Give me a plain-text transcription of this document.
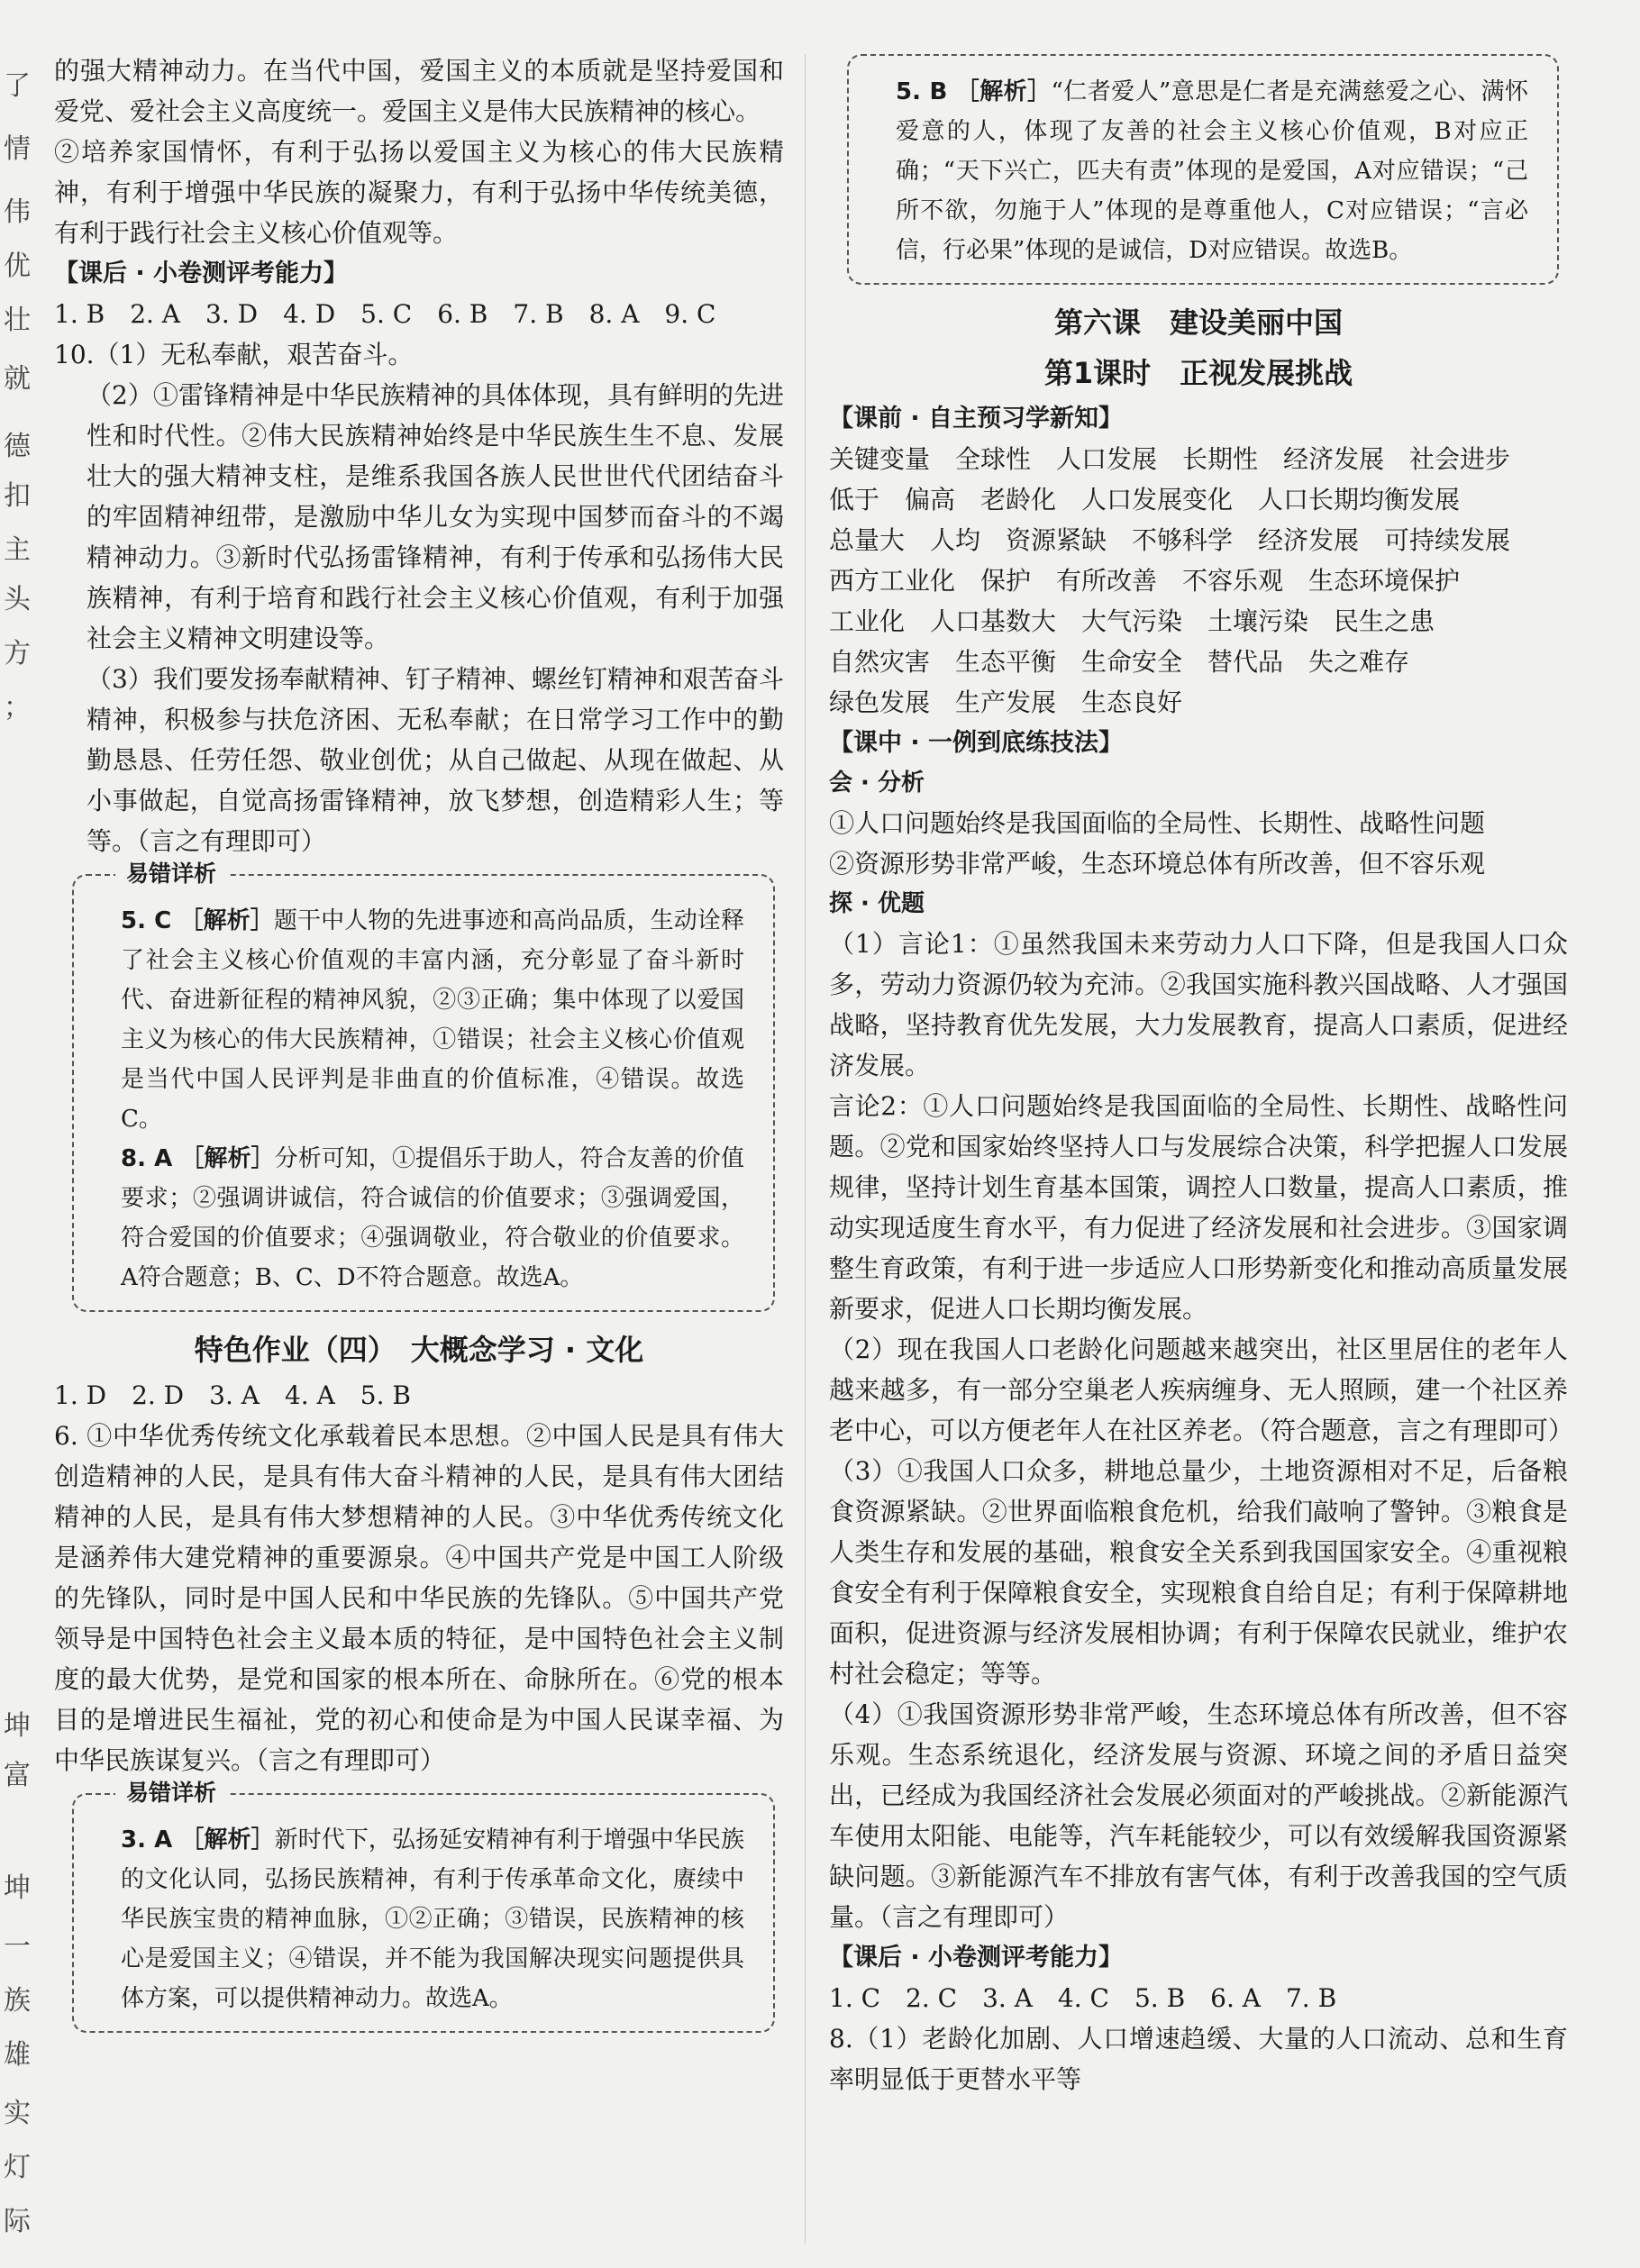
了
情
伟
优
壮
就
德
扣
主
头
方
；
坤
富
坤
一
族
雄
实
灯
际

的强大精神动力。在当代中国，爱国主义的本质就是坚持爱国和爱党、爱社会主义高度统一。爱国主义是伟大民族精神的核心。

②培养家国情怀，有利于弘扬以爱国主义为核心的伟大民族精神，有利于增强中华民族的凝聚力，有利于弘扬中华传统美德，有利于践行社会主义核心价值观等。

【课后 · 小卷测评考能力】

1. B　2. A　3. D　4. D　5. C　6. B　7. B　8. A　9. C

10.（1）无私奉献，艰苦奋斗。

（2）①雷锋精神是中华民族精神的具体体现，具有鲜明的先进性和时代性。②伟大民族精神始终是中华民族生生不息、发展壮大的强大精神支柱，是维系我国各族人民世世代代团结奋斗的牢固精神纽带，是激励中华儿女为实现中国梦而奋斗的不竭精神动力。③新时代弘扬雷锋精神，有利于传承和弘扬伟大民族精神，有利于培育和践行社会主义核心价值观，有利于加强社会主义精神文明建设等。

（3）我们要发扬奉献精神、钉子精神、螺丝钉精神和艰苦奋斗精神，积极参与扶危济困、无私奉献；在日常学习工作中的勤勤恳恳、任劳任怨、敬业创优；从自己做起、从现在做起、从小事做起，自觉高扬雷锋精神，放飞梦想，创造精彩人生；等等。（言之有理即可）

易错详析

5. C ［解析］题干中人物的先进事迹和高尚品质，生动诠释了社会主义核心价值观的丰富内涵，充分彰显了奋斗新时代、奋进新征程的精神风貌，②③正确；集中体现了以爱国主义为核心的伟大民族精神，①错误；社会主义核心价值观是当代中国人民评判是非曲直的价值标准，④错误。故选C。

8. A ［解析］分析可知，①提倡乐于助人，符合友善的价值要求；②强调讲诚信，符合诚信的价值要求；③强调爱国，符合爱国的价值要求；④强调敬业，符合敬业的价值要求。A符合题意；B、C、D不符合题意。故选A。

特色作业（四）　大概念学习 · 文化

1. D　2. D　3. A　4. A　5. B

6. ①中华优秀传统文化承载着民本思想。②中国人民是具有伟大创造精神的人民，是具有伟大奋斗精神的人民，是具有伟大团结精神的人民，是具有伟大梦想精神的人民。③中华优秀传统文化是涵养伟大建党精神的重要源泉。④中国共产党是中国工人阶级的先锋队，同时是中国人民和中华民族的先锋队。⑤中国共产党领导是中国特色社会主义最本质的特征，是中国特色社会主义制度的最大优势，是党和国家的根本所在、命脉所在。⑥党的根本目的是增进民生福祉，党的初心和使命是为中国人民谋幸福、为中华民族谋复兴。（言之有理即可）

易错详析

3. A ［解析］新时代下，弘扬延安精神有利于增强中华民族的文化认同，弘扬民族精神，有利于传承革命文化，赓续中华民族宝贵的精神血脉，①②正确；③错误，民族精神的核心是爱国主义；④错误，并不能为我国解决现实问题提供具体方案，可以提供精神动力。故选A。

5. B ［解析］“仁者爱人”意思是仁者是充满慈爱之心、满怀爱意的人，体现了友善的社会主义核心价值观，B对应正确；“天下兴亡，匹夫有责”体现的是爱国，A对应错误；“己所不欲，勿施于人”体现的是尊重他人，C对应错误；“言必信，行必果”体现的是诚信，D对应错误。故选B。

第六课　建设美丽中国
第1课时　正视发展挑战
【课前 · 自主预习学新知】

关键变量　全球性　人口发展　长期性　经济发展　社会进步

低于　偏高　老龄化　人口发展变化　人口长期均衡发展

总量大　人均　资源紧缺　不够科学　经济发展　可持续发展

西方工业化　保护　有所改善　不容乐观　生态环境保护

工业化　人口基数大　大气污染　土壤污染　民生之患

自然灾害　生态平衡　生命安全　替代品　失之难存

绿色发展　生产发展　生态良好

【课中 · 一例到底练技法】
会 · 分析

①人口问题始终是我国面临的全局性、长期性、战略性问题

②资源形势非常严峻，生态环境总体有所改善，但不容乐观

探 · 优题

（1）言论1：①虽然我国未来劳动力人口下降，但是我国人口众多，劳动力资源仍较为充沛。②我国实施科教兴国战略、人才强国战略，坚持教育优先发展，大力发展教育，提高人口素质，促进经济发展。

言论2：①人口问题始终是我国面临的全局性、长期性、战略性问题。②党和国家始终坚持人口与发展综合决策，科学把握人口发展规律，坚持计划生育基本国策，调控人口数量，提高人口素质，推动实现适度生育水平，有力促进了经济发展和社会进步。③国家调整生育政策，有利于进一步适应人口形势新变化和推动高质量发展新要求，促进人口长期均衡发展。

（2）现在我国人口老龄化问题越来越突出，社区里居住的老年人越来越多，有一部分空巢老人疾病缠身、无人照顾，建一个社区养老中心，可以方便老年人在社区养老。（符合题意，言之有理即可）

（3）①我国人口众多，耕地总量少，土地资源相对不足，后备粮食资源紧缺。②世界面临粮食危机，给我们敲响了警钟。③粮食是人类生存和发展的基础，粮食安全关系到我国国家安全。④重视粮食安全有利于保障粮食安全，实现粮食自给自足；有利于保障耕地面积，促进资源与经济发展相协调；有利于保障农民就业，维护农村社会稳定；等等。

（4）①我国资源形势非常严峻，生态环境总体有所改善，但不容乐观。生态系统退化，经济发展与资源、环境之间的矛盾日益突出，已经成为我国经济社会发展必须面对的严峻挑战。②新能源汽车使用太阳能、电能等，汽车耗能较少，可以有效缓解我国资源紧缺问题。③新能源汽车不排放有害气体，有利于改善我国的空气质量。（言之有理即可）

【课后 · 小卷测评考能力】

1. C　2. C　3. A　4. C　5. B　6. A　7. B

8.（1）老龄化加剧、人口增速趋缓、大量的人口流动、总和生育率明显低于更替水平等
